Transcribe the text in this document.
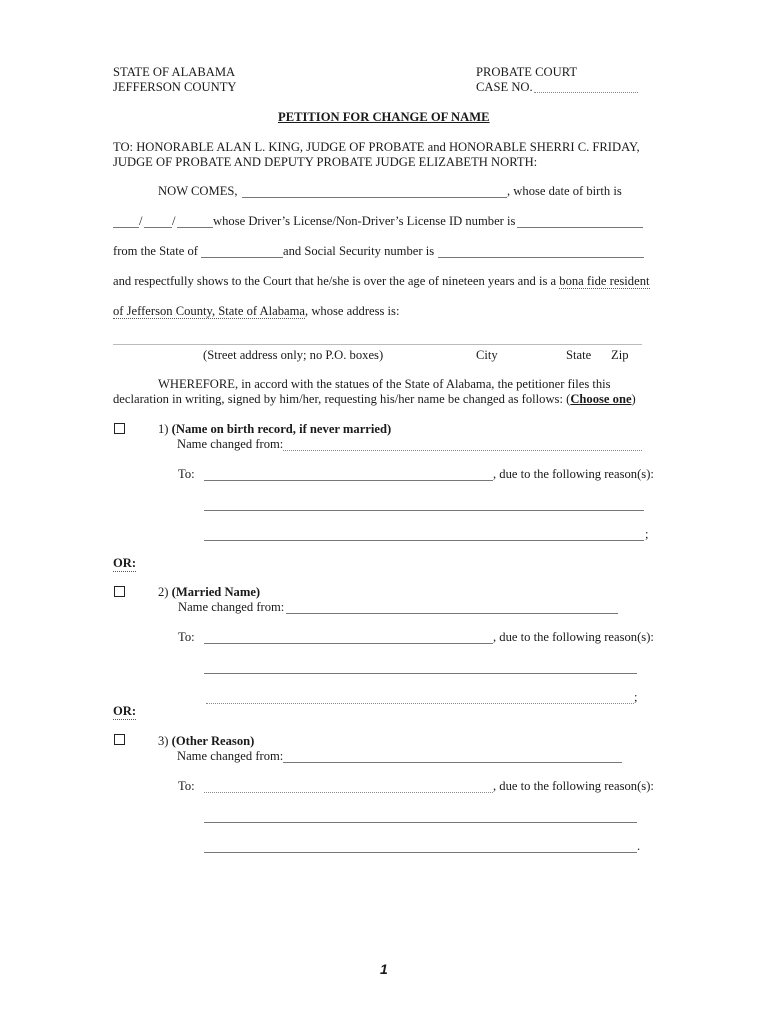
STATE OF ALABAMA
JEFFERSON COUNTY
PROBATE COURT
CASE NO.
PETITION FOR CHANGE OF NAME
TO: HONORABLE ALAN L. KING, JUDGE OF PROBATE and HONORABLE SHERRI C. FRIDAY,
JUDGE OF PROBATE AND DEPUTY PROBATE JUDGE ELIZABETH NORTH:
NOW COMES,	, whose date of birth is
/ /	whose Driver’s License/Non-Driver’s License ID number is
from the State of	and Social Security number is
and respectfully shows to the Court that he/she is over the age of nineteen years and is a bona fide resident
of Jefferson County, State of Alabama, whose address is:
(Street address only; no P.O. boxes)	City	State Zip
WHEREFORE, in accord with the statues of the State of Alabama, the petitioner files this
declaration in writing, signed by him/her, requesting his/her name be changed as follows: (Choose one)
1) (Name on birth record, if never married)
Name changed from:
To:	, due to the following reason(s):
;
OR:
2) (Married Name)
Name changed from:
To:	, due to the following reason(s):
;
OR:
3) (Other Reason)
Name changed from:
To:	, due to the following reason(s):
.
1
